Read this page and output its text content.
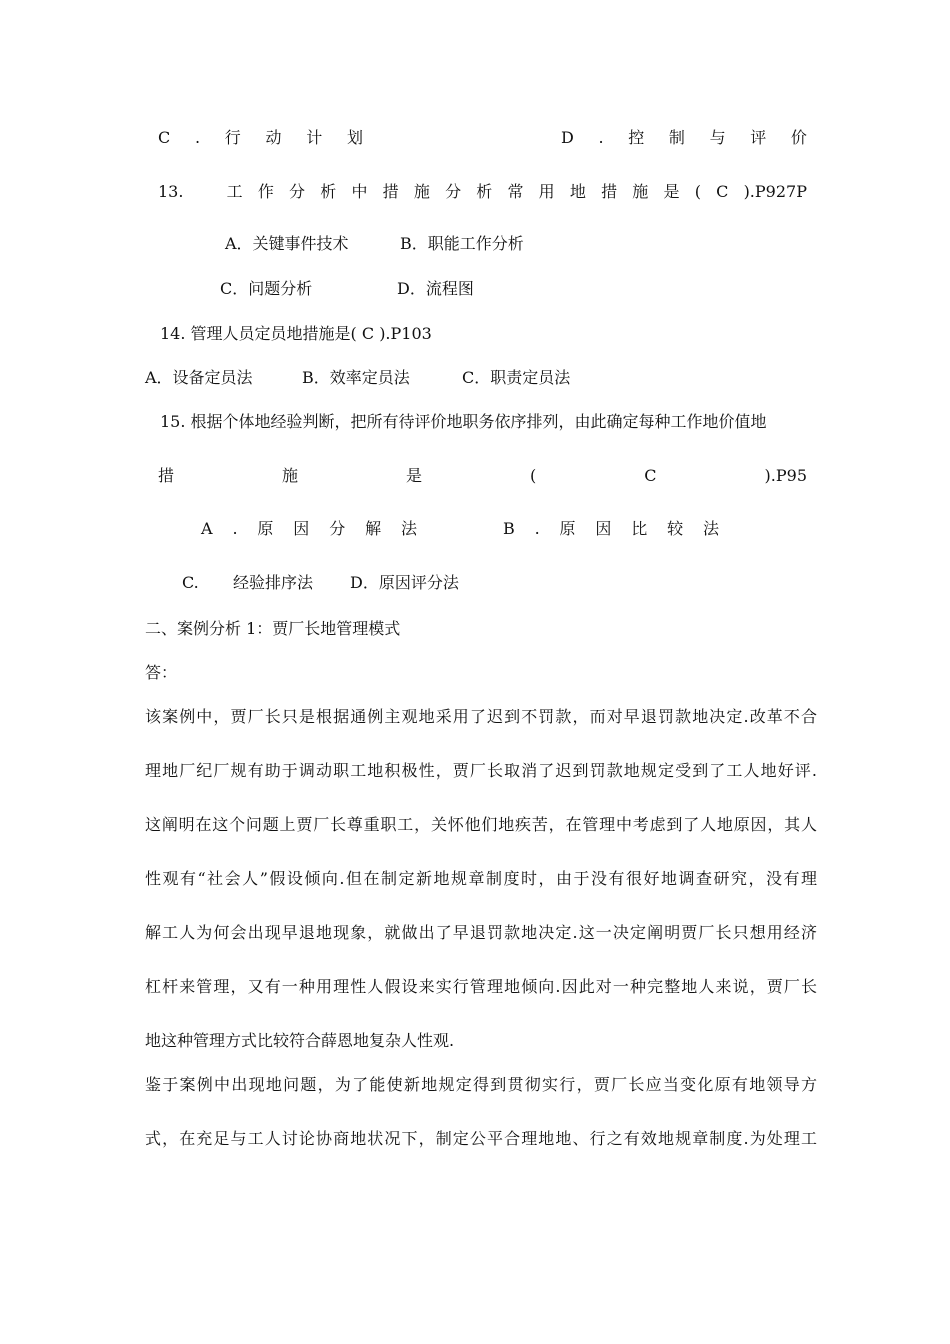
C . 行 动 计 划	D . 控 制 与 评 价
13.	工 作 分 析 中 措 施 分 析 常 用 地 措 施 是 ( C ).P927P
A．关键事件技术	B．职能工作分析
C．问题分析	D．流程图
14. 管理人员定员地措施是( C ).P103
A．设备定员法	B．效率定员法	C．职责定员法
15. 根据个体地经验判断，把所有待评价地职务依序排列，由此确定每种工作地价值地
措	施	是	(	C	).P95
A . 原 因 分 解 法	B . 原 因 比 较 法
C. 经验排序法 D．原因评分法
二、案例分析 1：贾厂长地管理模式
答：
该案例中，贾厂长只是根据通例主观地采用了迟到不罚款，而对早退罚款地决定.改革不合
理地厂纪厂规有助于调动职工地积极性，贾厂长取消了迟到罚款地规定受到了工人地好评.
这阐明在这个问题上贾厂长尊重职工，关怀他们地疾苦，在管理中考虑到了人地原因，其人
性观有“社会人”假设倾向.但在制定新地规章制度时，由于没有很好地调查研究，没有理
解工人为何会出现早退地现象，就做出了早退罚款地决定.这一决定阐明贾厂长只想用经济
杠杆来管理，又有一种用理性人假设来实行管理地倾向.因此对一种完整地人来说，贾厂长
地这种管理方式比较符合薛恩地复杂人性观.
鉴于案例中出现地问题，为了能使新地规定得到贯彻实行，贾厂长应当变化原有地领导方
式，在充足与工人讨论协商地状况下，制定公平合理地地、行之有效地规章制度.为处理工
